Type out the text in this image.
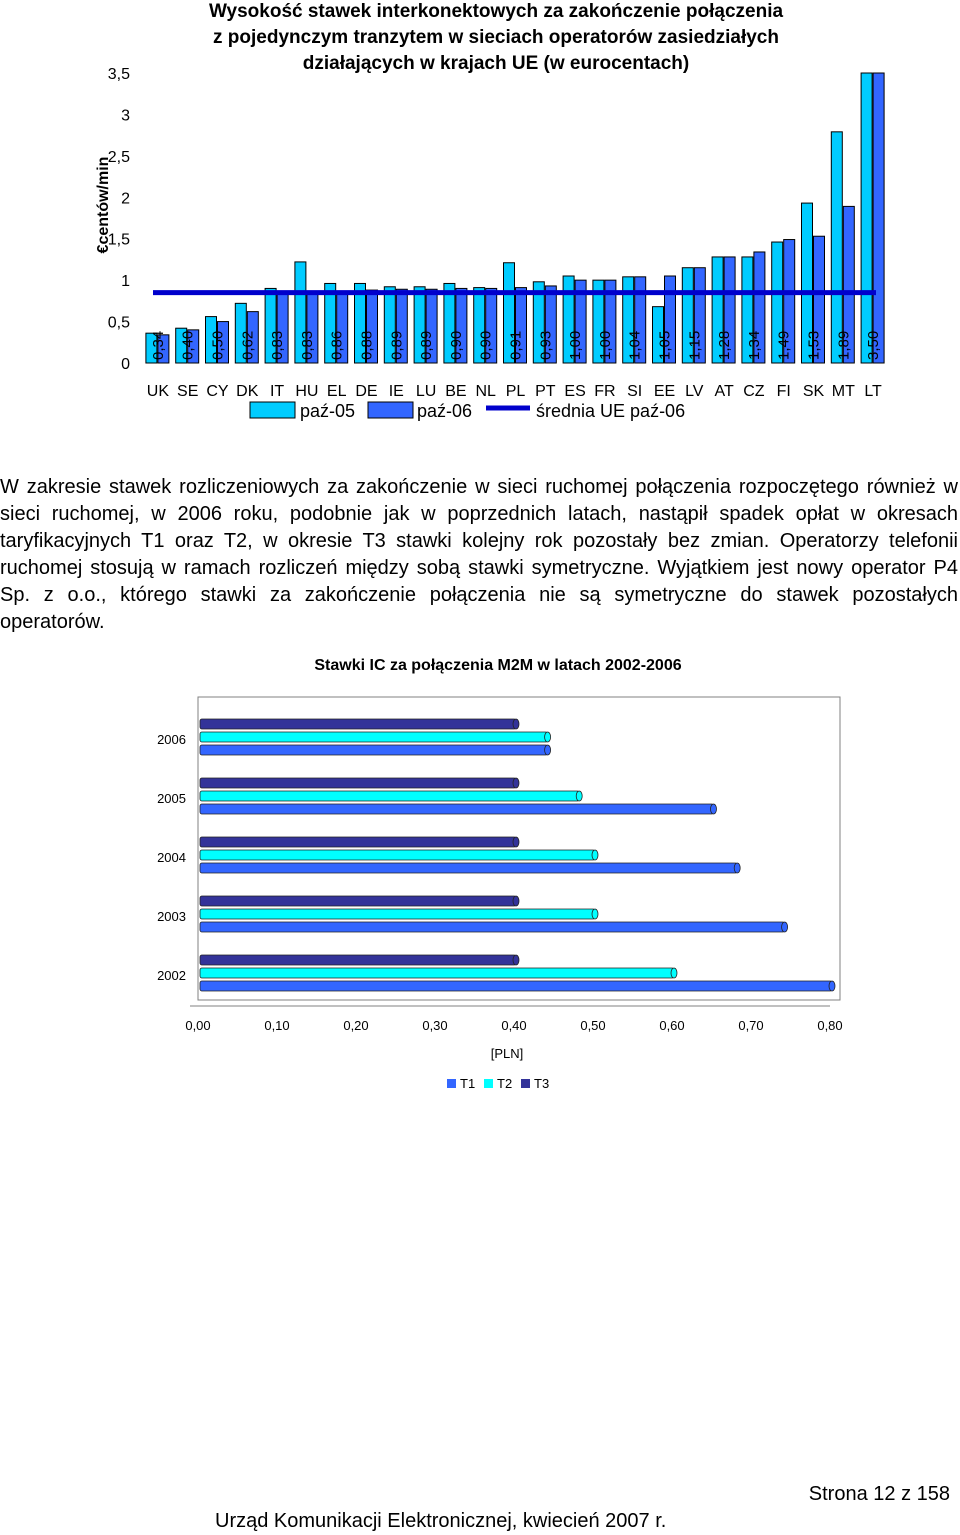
Wysokość stawek interkonektowych za zakończenie połączenia
z pojedynczym tranzytem w sieciach operatorów zasiedziałych
działających w krajach UE (w eurocentach)
0
0,5
1
1,5
2
2,5
3
3,5
€centów/min
0,34
UK
0,40
SE
0,50
CY
0,62
DK
0,83
IT
0,83
HU
0,86
EL
0,88
DE
0,89
IE
0,89
LU
0,90
BE
0,90
NL
0,91
PL
0,93
PT
1,00
ES
1,00
FR
1,04
SI
1,05
EE
1,15
LV
1,28
AT
1,34
CZ
1,49
FI
1,53
SK
1,89
MT
3,50
LT
paź-05	paź-06	średnia UE paź-06

W zakresie stawek rozliczeniowych za zakończenie w sieci ruchomej połączenia rozpoczętego również w sieci ruchomej, w 2006 roku, podobnie jak w poprzednich latach, nastąpił spadek opłat w okresach taryfikacyjnych T1 oraz T2, w okresie T3 stawki kolejny rok pozostały bez zmian. Operatorzy telefonii ruchomej stosują w ramach rozliczeń między sobą stawki symetryczne. Wyjątkiem jest nowy operator P4 Sp. z o.o., którego stawki za zakończenie połączenia nie są symetryczne do stawek pozostałych operatorów.

Stawki IC za połączenia M2M w latach 2002-2006
0,00	0,10	0,20	0,30	0,40	0,50	0,60	0,70	0,80
[PLN]
2006
2005
2004
2003
2002
T1 T2 T3
Strona 12 z 158
Urząd Komunikacji Elektronicznej, kwiecień 2007 r.
